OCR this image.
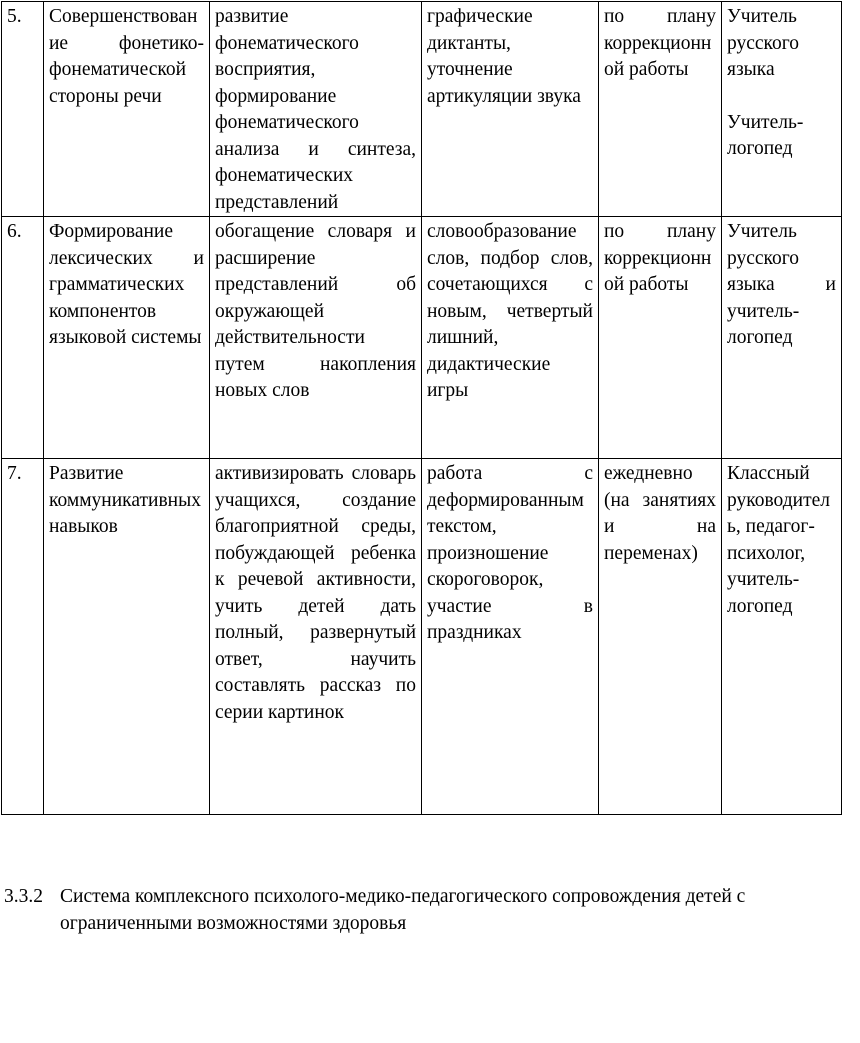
5.	Совершенствование фонетико-фонематической стороны речи	развитие фонематического восприятия, формирование фонематического анализа и синтеза, фонематических представлений	графические диктанты, уточнение артикуляции звука	по плану коррекционной работы	Учитель русского языка
Учитель-логопед

6.	Формирование лексических и грамматических компонентов языковой системы	обогащение словаря и расширение представлений об окружающей действительности путем накопления новых слов	словообразование слов, подбор слов, сочетающихся с новым, четвертый лишний, дидактические игры	по плану коррекционной работы	Учитель русского языка и учитель-логопед
7.	Развитие коммуникативных навыков	активизировать словарь учащихся, создание благоприятной среды, побуждающей ребенка к речевой активности, учить детей дать полный, развернутый ответ, научить составлять рассказ по серии картинок	работа с деформированным текстом, произношение скороговорок, участие в праздниках	ежедневно (на занятиях и на переменах)	Классный руководитель, педагог-психолог, учитель-логопед
3.3.2 Система комплексного психолого-медико-педагогического сопровождения детей с ограниченными возможностями здоровья
